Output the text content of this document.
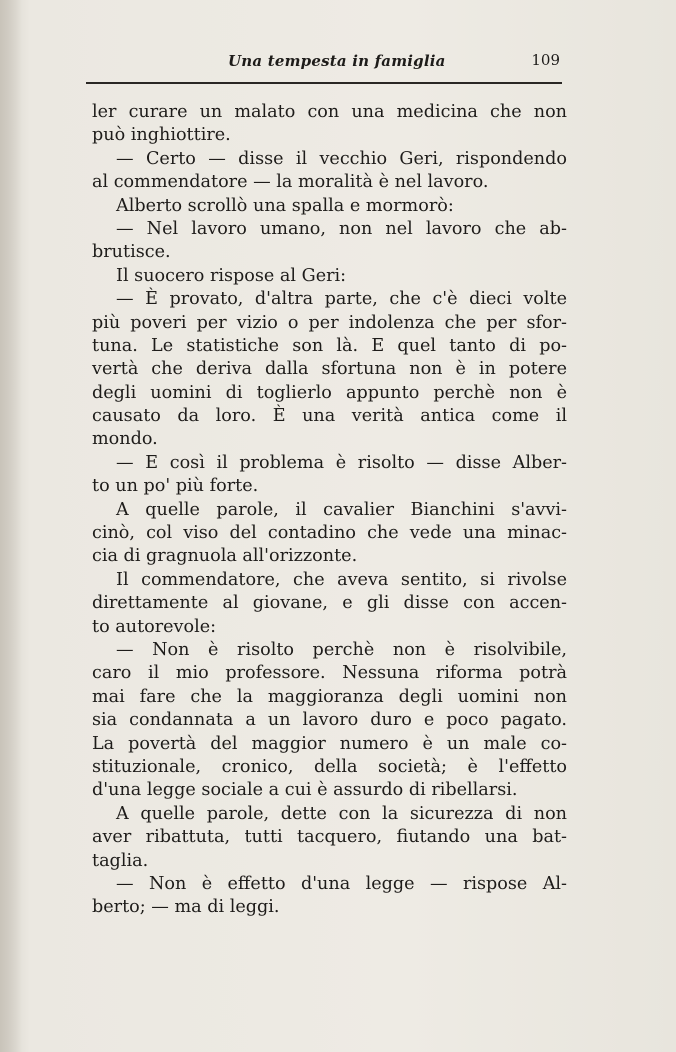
Una tempesta in famiglia	109
ler curare un malato con una medicina che non
può inghiottire.
— Certo — disse il vecchio Geri, rispondendo
al commendatore — la moralità è nel lavoro.
Alberto scrollò una spalla e mormorò:
— Nel lavoro umano, non nel lavoro che ab-
brutisce.
Il suocero rispose al Geri:
— È provato, d'altra parte, che c'è dieci volte
più poveri per vizio o per indolenza che per sfor-
tuna. Le statistiche son là. E quel tanto di po-
vertà che deriva dalla sfortuna non è in potere
degli uomini di toglierlo appunto perchè non è
causato da loro. È una verità antica come il
mondo.
— E così il problema è risolto — disse Alber-
to un po' più forte.
A quelle parole, il cavalier Bianchini s'avvi-
cinò, col viso del contadino che vede una minac-
cia di gragnuola all'orizzonte.
Il commendatore, che aveva sentito, si rivolse
direttamente al giovane, e gli disse con accen-
to autorevole:
— Non è risolto perchè non è risolvibile,
caro il mio professore. Nessuna riforma potrà
mai fare che la maggioranza degli uomini non
sia condannata a un lavoro duro e poco pagato.
La povertà del maggior numero è un male co-
stituzionale, cronico, della società; è l'effetto
d'una legge sociale a cui è assurdo di ribellarsi.
A quelle parole, dette con la sicurezza di non
aver ribattuta, tutti tacquero, fiutando una bat-
taglia.
— Non è effetto d'una legge — rispose Al-
berto; — ma di leggi.
